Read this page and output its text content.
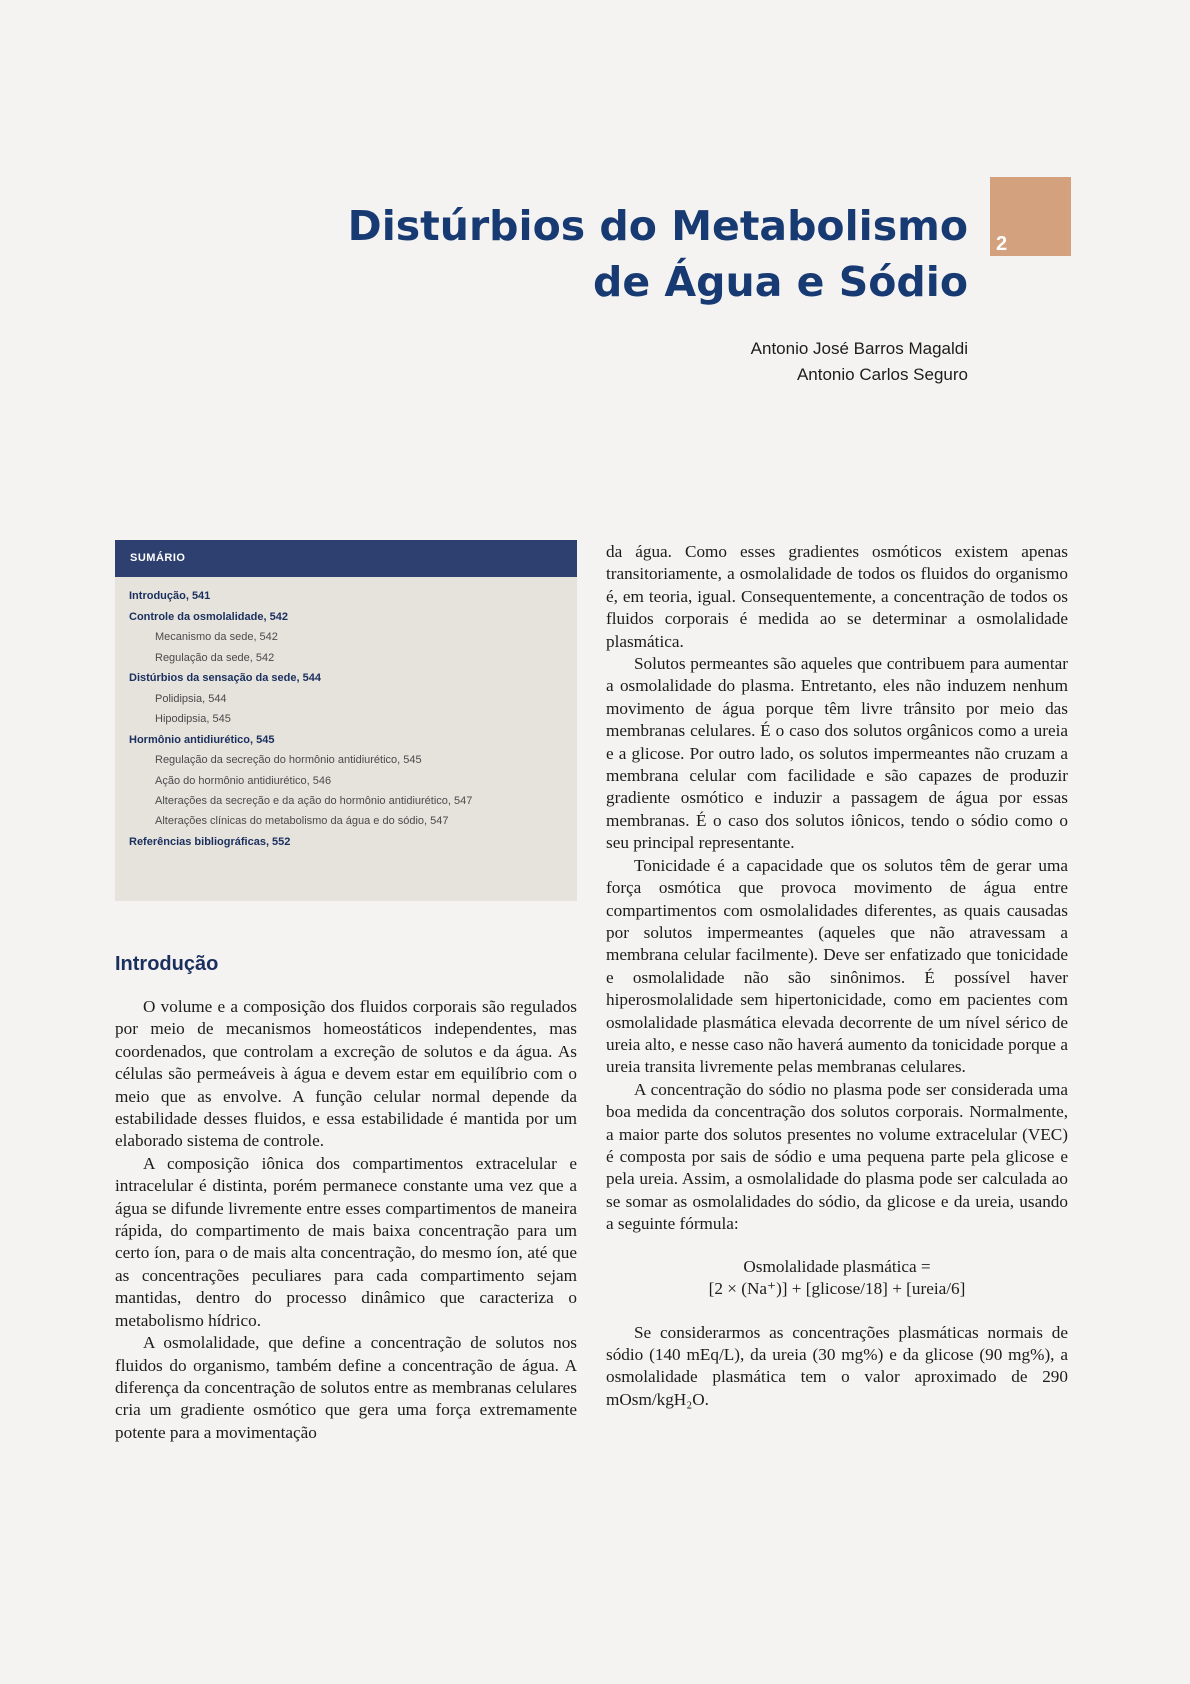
Distúrbios do Metabolismo
de Água e Sódio
2
Antonio José Barros Magaldi
Antonio Carlos Seguro
SUMÁRIO
Introdução, 541
Controle da osmolalidade, 542
Mecanismo da sede, 542
Regulação da sede, 542
Distúrbios da sensação da sede, 544
Polidipsia, 544
Hipodipsia, 545
Hormônio antidiurético, 545
Regulação da secreção do hormônio antidiurético, 545
Ação do hormônio antidiurético, 546
Alterações da secreção e da ação do hormônio antidiurético, 547
Alterações clínicas do metabolismo da água e do sódio, 547
Referências bibliográficas, 552
Introdução

O volume e a composição dos fluidos corporais são regulados por meio de mecanismos homeostáticos independentes, mas coordenados, que controlam a excreção de solutos e da água. As células são permeáveis à água e devem estar em equilíbrio com o meio que as envolve. A função celular normal depende da estabilidade desses fluidos, e essa estabilidade é mantida por um elaborado sistema de controle.

A composição iônica dos compartimentos extracelular e intracelular é distinta, porém permanece constante uma vez que a água se difunde livremente entre esses compartimentos de maneira rápida, do compartimento de mais baixa concentração para um certo íon, para o de mais alta concentração, do mesmo íon, até que as concentrações peculiares para cada compartimento sejam mantidas, dentro do processo dinâmico que caracteriza o metabolismo hídrico.

A osmolalidade, que define a concentração de solutos nos fluidos do organismo, também define a concentração de água. A diferença da concentração de solutos entre as membranas celulares cria um gradiente osmótico que gera uma força extremamente potente para a movimentação

da água. Como esses gradientes osmóticos existem apenas transitoriamente, a osmolalidade de todos os fluidos do organismo é, em teoria, igual. Consequentemente, a concentração de todos os fluidos corporais é medida ao se determinar a osmolalidade plasmática.

Solutos permeantes são aqueles que contribuem para aumentar a osmolalidade do plasma. Entretanto, eles não induzem nenhum movimento de água porque têm livre trânsito por meio das membranas celulares. É o caso dos solutos orgânicos como a ureia e a glicose. Por outro lado, os solutos impermeantes não cruzam a membrana celular com facilidade e são capazes de produzir gradiente osmótico e induzir a passagem de água por essas membranas. É o caso dos solutos iônicos, tendo o sódio como o seu principal representante.

Tonicidade é a capacidade que os solutos têm de gerar uma força osmótica que provoca movimento de água entre compartimentos com osmolalidades diferentes, as quais causadas por solutos impermeantes (aqueles que não atravessam a membrana celular facilmente). Deve ser enfatizado que tonicidade e osmolalidade não são sinônimos. É possível haver hiperosmolalidade sem hipertonicidade, como em pacientes com osmolalidade plasmática elevada decorrente de um nível sérico de ureia alto, e nesse caso não haverá aumento da tonicidade porque a ureia transita livremente pelas membranas celulares.

A concentração do sódio no plasma pode ser considerada uma boa medida da concentração dos solutos corporais. Normalmente, a maior parte dos solutos presentes no volume extracelular (VEC) é composta por sais de sódio e uma pequena parte pela glicose e pela ureia. Assim, a osmolalidade do plasma pode ser calculada ao se somar as osmolalidades do sódio, da glicose e da ureia, usando a seguinte fórmula:

Osmolalidade plasmática =
[2 × (Na⁺)] + [glicose/18] + [ureia/6]

Se considerarmos as concentrações plasmáticas normais de sódio (140 mEq/L), da ureia (30 mg%) e da glicose (90 mg%), a osmolalidade plasmática tem o valor aproximado de 290 mOsm/kgH₂O.
